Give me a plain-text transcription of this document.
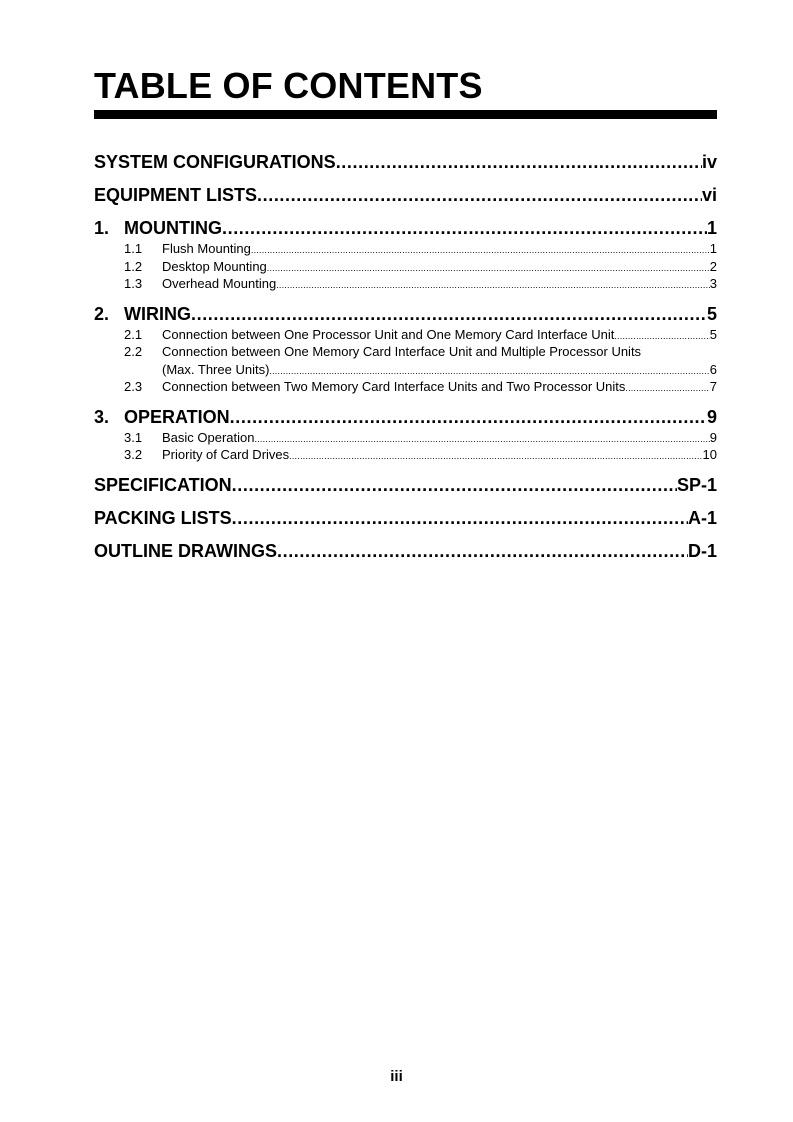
TABLE OF CONTENTS
SYSTEM CONFIGURATIONS .....	iv
EQUIPMENT LISTS .....	vi
1. MOUNTING .....	1
1.1	Flush Mounting .....	1
1.2	Desktop Mounting .....	2
1.3	Overhead Mounting .....	3
2. WIRING .....	5
2.1	Connection between One Processor Unit and One Memory Card Interface Unit .....	5
2.2	Connection between One Memory Card Interface Unit and Multiple Processor Units
(Max. Three Units) .....	6
2.3	Connection between Two Memory Card Interface Units and Two Processor Units .....	7
3. OPERATION .....	9
3.1	Basic Operation .....	9
3.2	Priority of Card Drives .....	10
SPECIFICATION .....	SP-1
PACKING LISTS .....	A-1
OUTLINE DRAWINGS .....	D-1
iii
